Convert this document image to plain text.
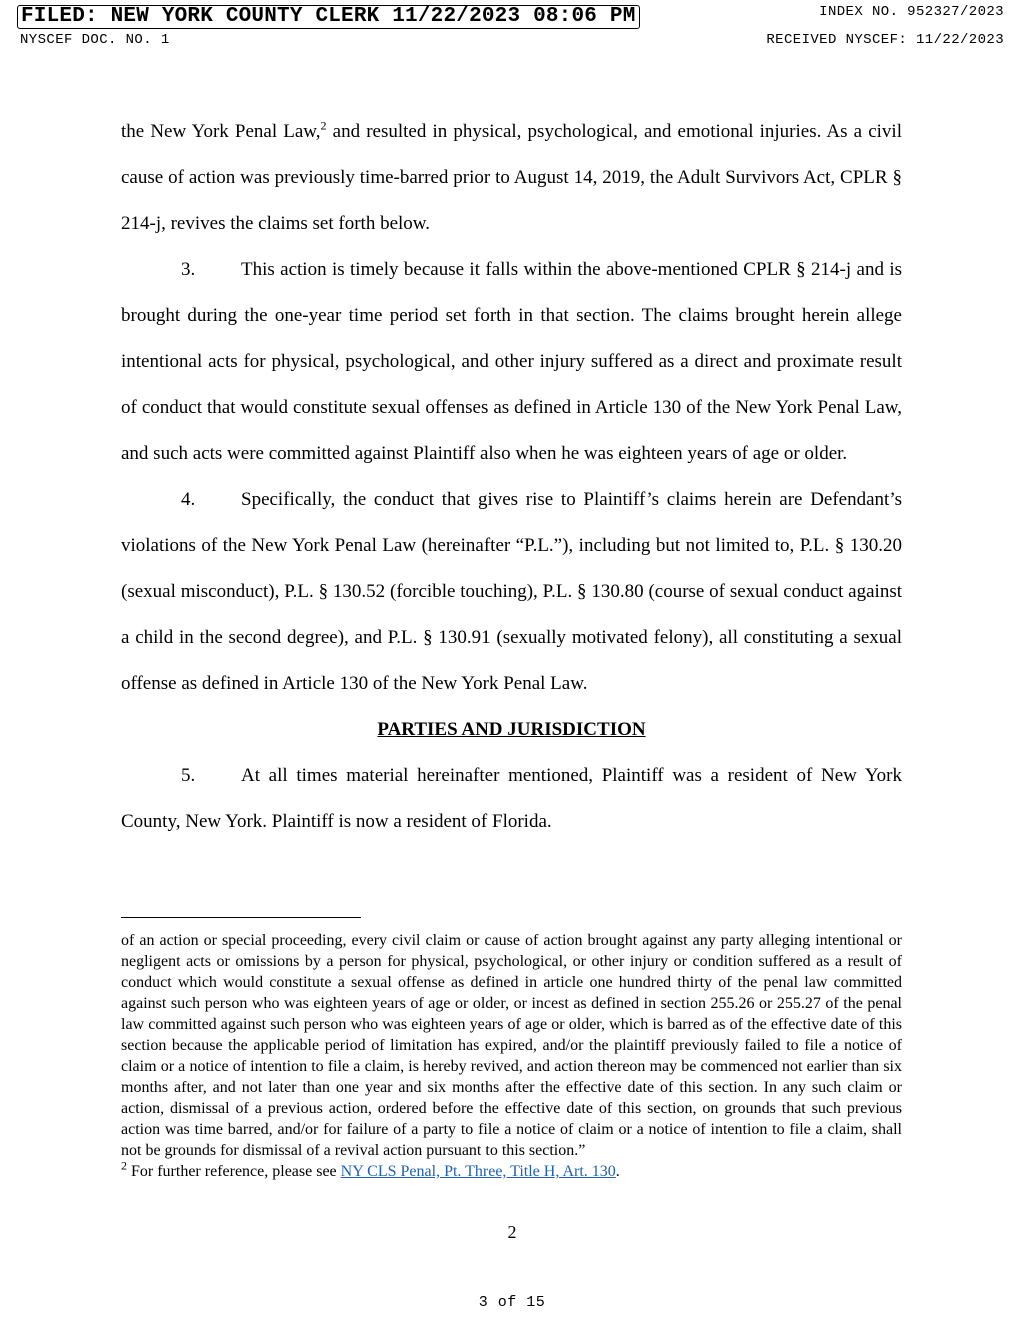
FILED: NEW YORK COUNTY CLERK 11/22/2023 08:06 PM	INDEX NO. 952327/2023
NYSCEF DOC. NO. 1	RECEIVED NYSCEF: 11/22/2023

the New York Penal Law,$^2$ and resulted in physical, psychological, and emotional injuries. As a civil cause of action was previously time-barred prior to August 14, 2019, the Adult Survivors Act, CPLR § 214-j, revives the claims set forth below.

3. This action is timely because it falls within the above-mentioned CPLR § 214-j and is brought during the one-year time period set forth in that section. The claims brought herein allege intentional acts for physical, psychological, and other injury suffered as a direct and proximate result of conduct that would constitute sexual offenses as defined in Article 130 of the New York Penal Law, and such acts were committed against Plaintiff also when he was eighteen years of age or older.

4. Specifically, the conduct that gives rise to Plaintiff’s claims herein are Defendant’s violations of the New York Penal Law (hereinafter “P.L.”), including but not limited to, P.L. § 130.20 (sexual misconduct), P.L. § 130.52 (forcible touching), P.L. § 130.80 (course of sexual conduct against a child in the second degree), and P.L. § 130.91 (sexually motivated felony), all constituting a sexual offense as defined in Article 130 of the New York Penal Law.

PARTIES AND JURISDICTION

5. At all times material hereinafter mentioned, Plaintiff was a resident of New York County, New York. Plaintiff is now a resident of Florida.

of an action or special proceeding, every civil claim or cause of action brought against any party alleging intentional or negligent acts or omissions by a person for physical, psychological, or other injury or condition suffered as a result of conduct which would constitute a sexual offense as defined in article one hundred thirty of the penal law committed against such person who was eighteen years of age or older, or incest as defined in section 255.26 or 255.27 of the penal law committed against such person who was eighteen years of age or older, which is barred as of the effective date of this section because the applicable period of limitation has expired, and/or the plaintiff previously failed to file a notice of claim or a notice of intention to file a claim, is hereby revived, and action thereon may be commenced not earlier than six months after, and not later than one year and six months after the effective date of this section. In any such claim or action, dismissal of a previous action, ordered before the effective date of this section, on grounds that such previous action was time barred, and/or for failure of a party to file a notice of claim or a notice of intention to file a claim, shall not be grounds for dismissal of a revival action pursuant to this section.”

$^2$ For further reference, please see NY CLS Penal, Pt. Three, Title H, Art. 130.

2
3 of 15
